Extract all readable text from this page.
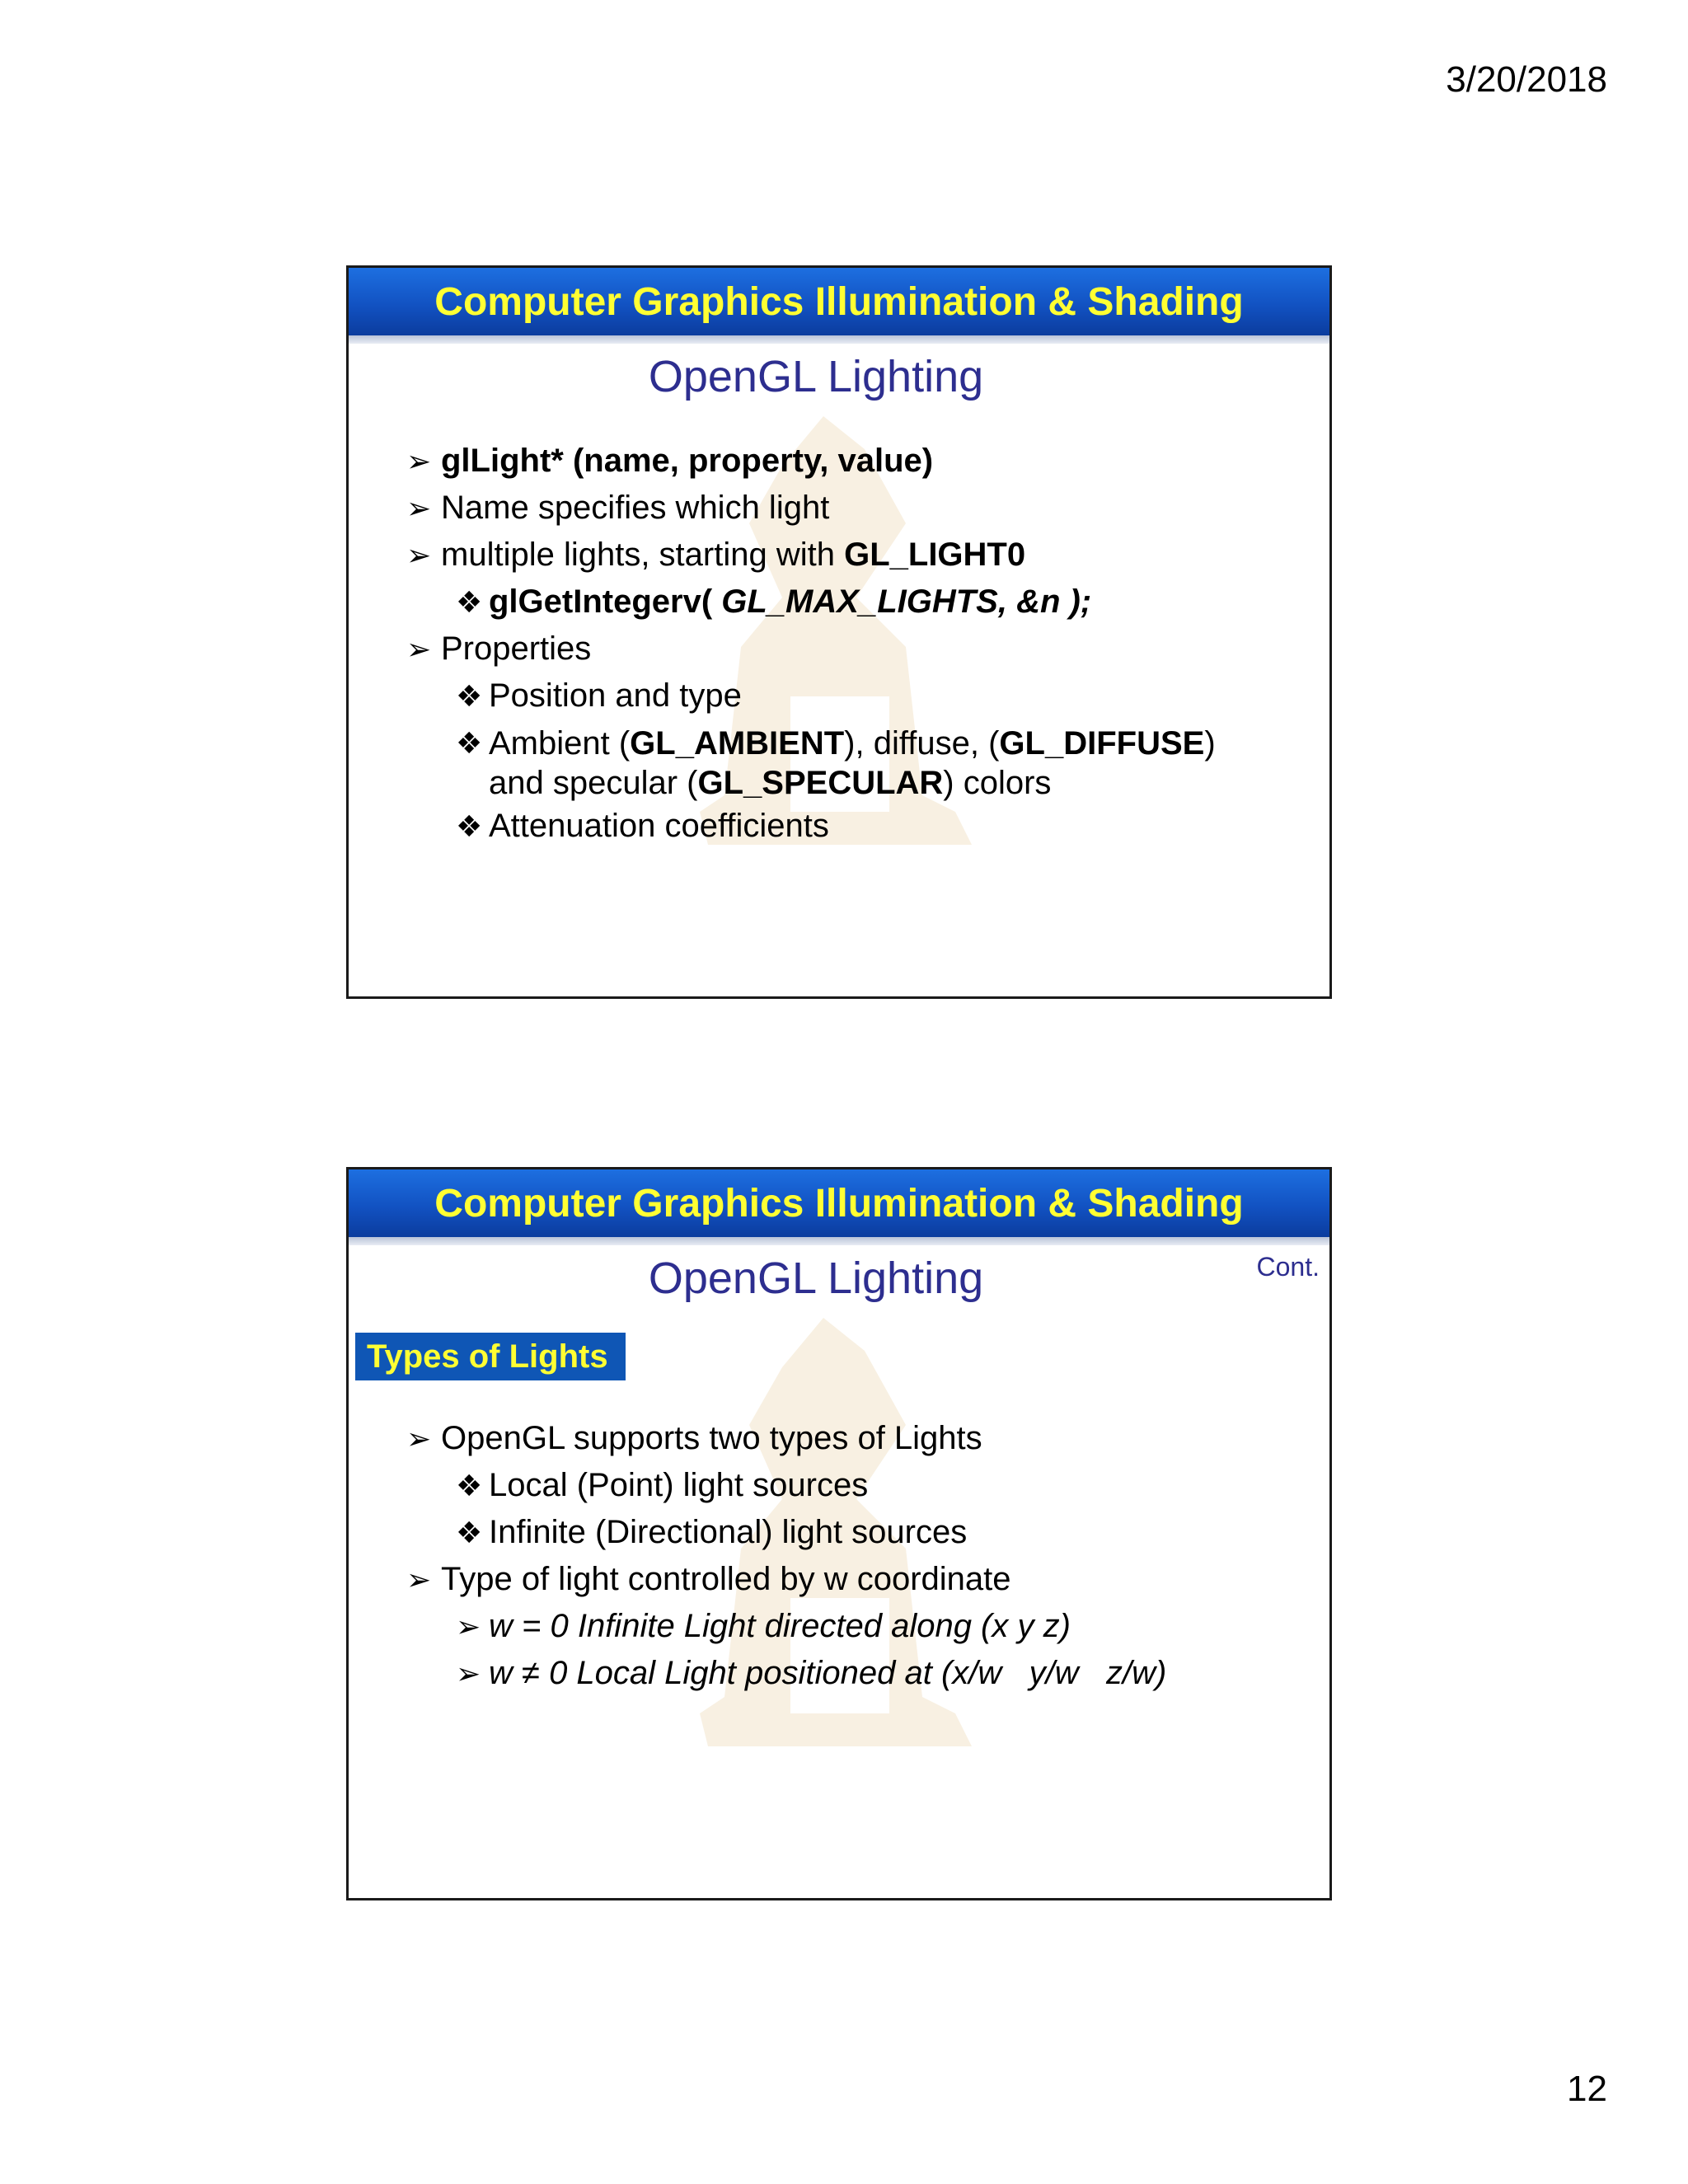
3/20/2018
Computer Graphics Illumination & Shading
OpenGL Lighting
➢ glLight* (name, property, value)
➢ Name specifies which light
➢ multiple lights, starting with GL_LIGHT0
❖ glGetIntegerv( GL_MAX_LIGHTS, &n );
➢ Properties
❖ Position and type
❖ Ambient (GL_AMBIENT), diffuse, (GL_DIFFUSE) and specular (GL_SPECULAR) colors
❖ Attenuation coefficients
Computer Graphics Illumination & Shading
OpenGL Lighting	Cont.
Types of Lights
➢ OpenGL supports two types of Lights
❖ Local (Point) light sources
❖ Infinite (Directional) light sources
➢ Type of light controlled by w coordinate
➢ w = 0 Infinite Light directed along (x y z)
➢ w ≠ 0 Local Light positioned at (x/w   y/w   z/w)
12
